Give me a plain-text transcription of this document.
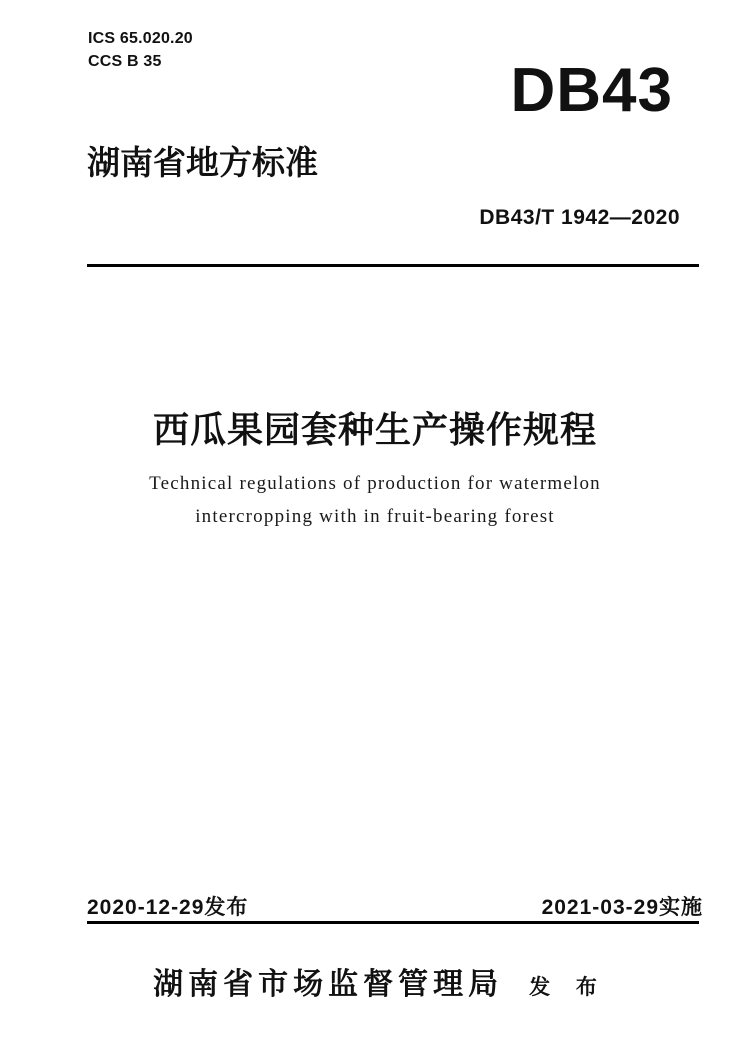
ICS 65.020.20
CCS B 35	DB43
湖南省地方标准
DB43/T 1942—2020
西瓜果园套种生产操作规程
Technical regulations of production for watermelon
intercropping with in fruit-bearing forest
2020-12-29发布	2021-03-29实施
湖南省市场监督管理局 发 布
